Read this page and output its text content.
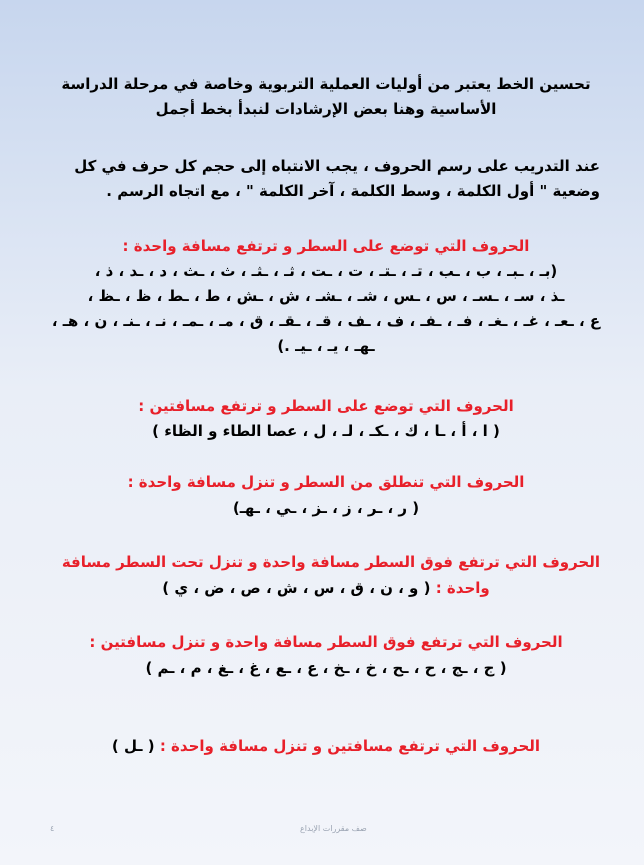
تحسين الخط يعتبر من أوليات العملية التربوية وخاصة في مرحلة الدراسة
الأساسية وهنا بعض الإرشادات لنبدأ بخط أجمل
عند التدريب على رسم الحروف ، يجب الانتباه إلى حجم كل حرف في كل
وضعية " أول الكلمة ، وسط الكلمة ، آخر الكلمة " ، مع اتجاه الرسم .
الحروف التي توضع على السطر و ترتفع مسافة واحدة :
(بـ ، ـبـ ، ب ، ـب ، تـ ، ـتـ ، ت ، ـت ، ثـ ، ـثـ ، ث ، ـث ، د ، ـد ، ذ ،
ـذ ، سـ ، ـسـ ، س ، ـس ، شـ ، ـشـ ، ش ، ـش ، ط ، ـط ، ظ ، ـظ ،
ع ، ـعـ ، غـ ، ـغـ ، فـ ، ـفـ ، ف ، ـف ، قـ ، ـقـ ، ق ، مـ ، ـمـ ، نـ ، ـنـ ، ن ، هـ ،
ـهـ ، يـ ، ـيـ .)
الحروف التي توضع على السطر و ترتفع مسافتين :
( ا ، أ ، ـا ، ك ، ـكـ ، لـ ، ل ، عصا الطاء و الظاء )
الحروف التي تنطلق من السطر و تنزل مسافة واحدة :
( ر ، ـر ، ز ، ـز ، ـي ، ـهـ)
الحروف التي ترتفع فوق السطر مسافة واحدة و تنزل تحت السطر مسافة
واحدة : ( و ، ن ، ق ، س ، ش ، ص ، ض ، ي )
الحروف التي ترتفع فوق السطر مسافة واحدة و تنزل مسافتين :
( ج ، ـج ، ح ، ـح ، خ ، ـخ ، ع ، ـع ، غ ، ـغ ، م ، ـم )
الحروف التي ترتفع مسافتين و تنزل مسافة واحدة : ( ـل )
صف مقررات الإبداع
٤
